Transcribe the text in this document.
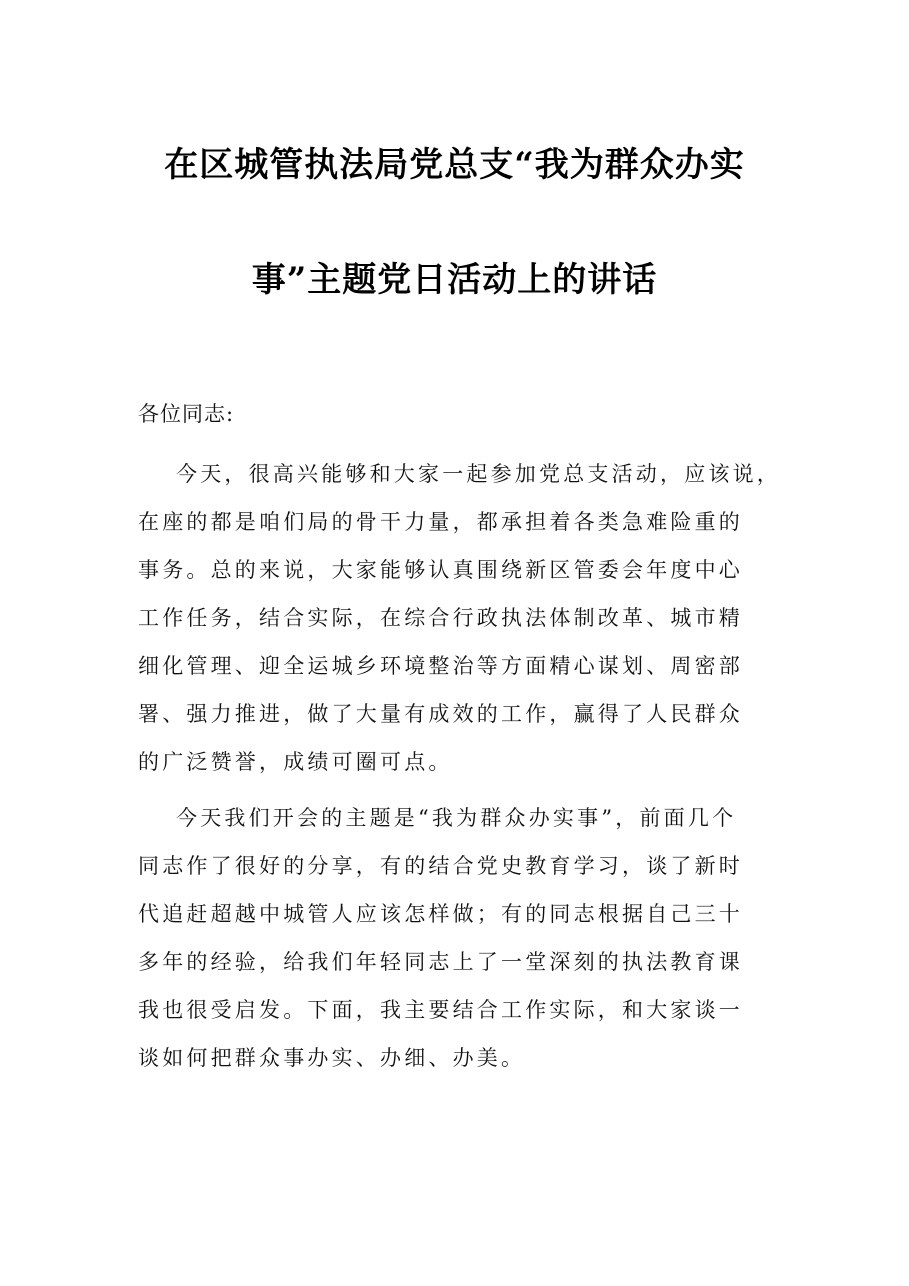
在区城管执法局党总支“我为群众办实
事”主题党日活动上的讲话

各位同志:

今天，很高兴能够和大家一起参加党总支活动，应该说，
在座的都是咱们局的骨干力量，都承担着各类急难险重的
事务。总的来说，大家能够认真围绕新区管委会年度中心
工作任务，结合实际，在综合行政执法体制改革、城市精
细化管理、迎全运城乡环境整治等方面精心谋划、周密部
署、强力推进，做了大量有成效的工作，赢得了人民群众
的广泛赞誉，成绩可圈可点。
今天我们开会的主题是“我为群众办实事”，前面几个
同志作了很好的分享，有的结合党史教育学习，谈了新时
代追赶超越中城管人应该怎样做；有的同志根据自己三十
多年的经验，给我们年轻同志上了一堂深刻的执法教育课
我也很受启发。下面，我主要结合工作实际，和大家谈一
谈如何把群众事办实、办细、办美。
